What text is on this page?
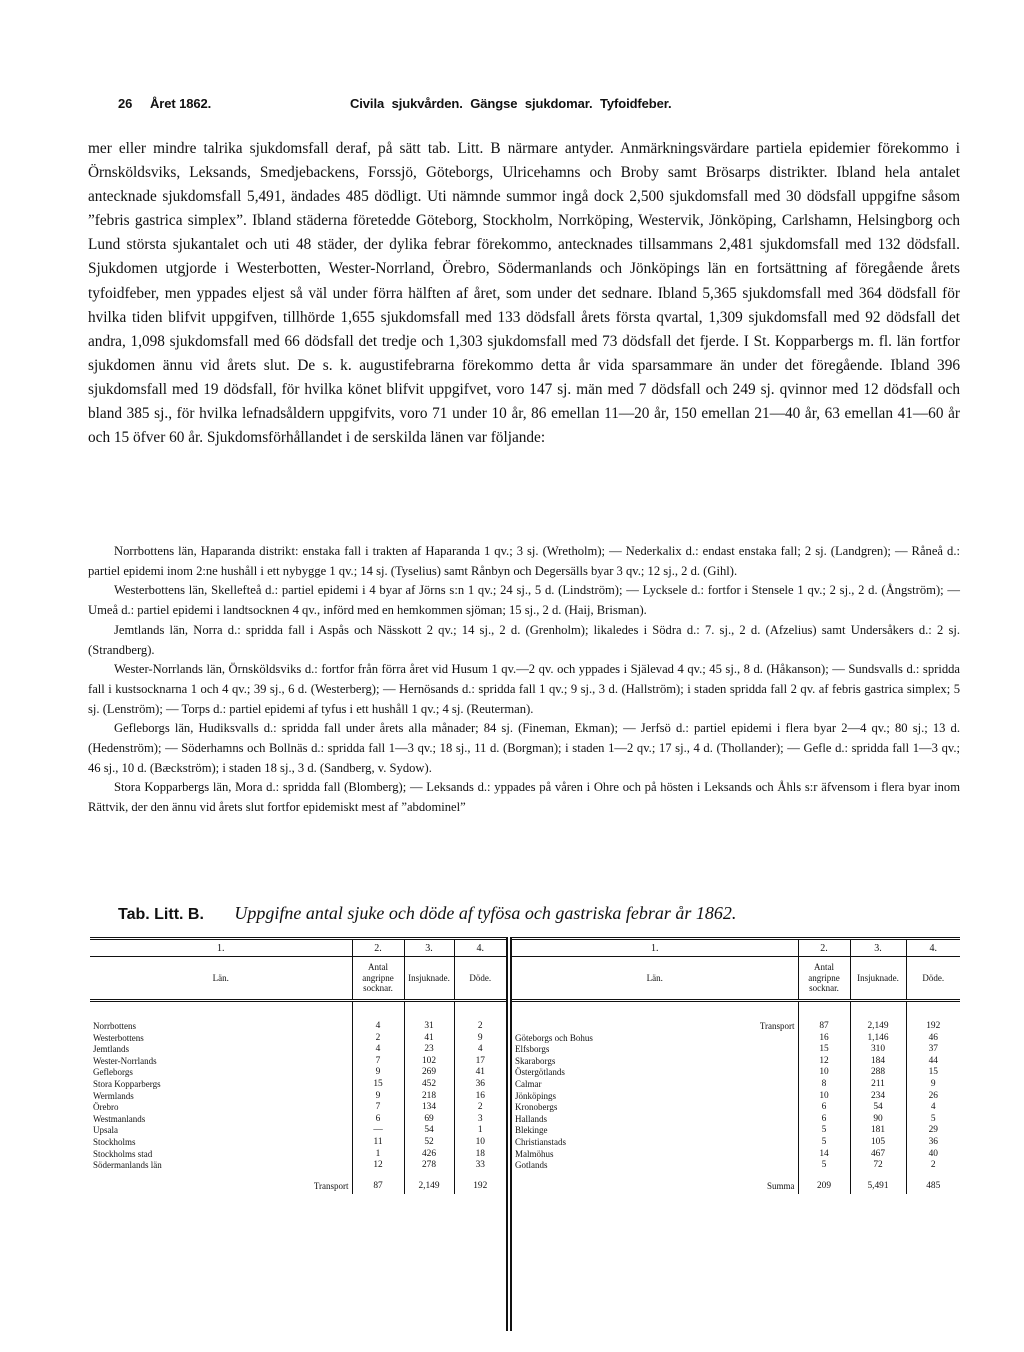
26 Året 1862.	Civila sjukvården. Gängse sjukdomar. Tyfoidfeber.

mer eller mindre talrika sjukdomsfall deraf, på sätt tab. Litt. B närmare antyder. Anmärkningsvärdare partiela epidemier förekommo i Örnsköldsviks, Leksands, Smedjebackens, Forssjö, Göteborgs, Ulricehamns och Broby samt Brösarps distrikter. Ibland hela antalet antecknade sjukdomsfall 5,491, ändades 485 dödligt. Uti nämnde summor ingå dock 2,500 sjukdomsfall med 30 dödsfall uppgifne såsom ”febris gastrica simplex”. Ibland städerna företedde Göteborg, Stockholm, Norrköping, Westervik, Jönköping, Carlshamn, Helsingborg och Lund största sjukantalet och uti 48 städer, der dylika febrar förekommo, antecknades tillsammans 2,481 sjukdomsfall med 132 dödsfall. Sjukdomen utgjorde i Westerbotten, Wester-Norrland, Örebro, Södermanlands och Jönköpings län en fortsättning af föregående årets tyfoidfeber, men yppades eljest så väl under förra hälften af året, som under det sednare. Ibland 5,365 sjukdomsfall med 364 dödsfall för hvilka tiden blifvit uppgifven, tillhörde 1,655 sjukdomsfall med 133 dödsfall årets första qvartal, 1,309 sjukdomsfall med 92 dödsfall det andra, 1,098 sjukdomsfall med 66 dödsfall det tredje och 1,303 sjukdomsfall med 73 dödsfall det fjerde. I St. Kopparbergs m. fl. län fortfor sjukdomen ännu vid årets slut. De s. k. augustifebrarna förekommo detta år vida sparsammare än under det föregående. Ibland 396 sjukdomsfall med 19 dödsfall, för hvilka könet blifvit uppgifvet, voro 147 sj. män med 7 dödsfall och 249 sj. qvinnor med 12 dödsfall och bland 385 sj., för hvilka lefnadsåldern uppgifvits, voro 71 under 10 år, 86 emellan 11—20 år, 150 emellan 21—40 år, 63 emellan 41—60 år och 15 öfver 60 år. Sjukdomsförhållandet i de serskilda länen var följande:

Norrbottens län, Haparanda distrikt: enstaka fall i trakten af Haparanda 1 qv.; 3 sj. (Wretholm); — Nederkalix d.: endast enstaka fall; 2 sj. (Landgren); — Råneå d.: partiel epidemi inom 2:ne hushåll i ett nybygge 1 qv.; 14 sj. (Tyselius) samt Rånbyn och Degersälls byar 3 qv.; 12 sj., 2 d. (Gihl).

Westerbottens län, Skellefteå d.: partiel epidemi i 4 byar af Jörns s:n 1 qv.; 24 sj., 5 d. (Lindström); — Lycksele d.: fortfor i Stensele 1 qv.; 2 sj., 2 d. (Ångström); — Umeå d.: partiel epidemi i landtsocknen 4 qv., införd med en hemkommen sjöman; 15 sj., 2 d. (Haij, Brisman).

Jemtlands län, Norra d.: spridda fall i Aspås och Nässkott 2 qv.; 14 sj., 2 d. (Grenholm); likaledes i Södra d.: 7. sj., 2 d. (Afzelius) samt Undersåkers d.: 2 sj. (Strandberg).

Wester-Norrlands län, Örnsköldsviks d.: fortfor från förra året vid Husum 1 qv.—2 qv. och yppades i Själevad 4 qv.; 45 sj., 8 d. (Håkanson); — Sundsvalls d.: spridda fall i kustsocknarna 1 och 4 qv.; 39 sj., 6 d. (Westerberg); — Hernösands d.: spridda fall 1 qv.; 9 sj., 3 d. (Hallström); i staden spridda fall 2 qv. af febris gastrica simplex; 5 sj. (Lenström); — Torps d.: partiel epidemi af tyfus i ett hushåll 1 qv.; 4 sj. (Reuterman).

Gefleborgs län, Hudiksvalls d.: spridda fall under årets alla månader; 84 sj. (Fineman, Ekman); — Jerfsö d.: partiel epidemi i flera byar 2—4 qv.; 80 sj.; 13 d. (Hedenström); — Söderhamns och Bollnäs d.: spridda fall 1—3 qv.; 18 sj., 11 d. (Borgman); i staden 1—2 qv.; 17 sj., 4 d. (Thollander); — Gefle d.: spridda fall 1—3 qv.; 46 sj., 10 d. (Bæckström); i staden 18 sj., 3 d. (Sandberg, v. Sydow).

Stora Kopparbergs län, Mora d.: spridda fall (Blomberg); — Leksands d.: yppades på våren i Ohre och på hösten i Leksands och Åhls s:r äfvensom i flera byar inom Rättvik, der den ännu vid årets slut fortfor epidemiskt mest af ”abdominel”

Tab. Litt. B. Uppgifne antal sjuke och döde af tyfösa och gastriska febrar år 1862.
1.	2.	3.	4.
Län.	Antal angripne socknar.	Insjuknade.	Döde.
Norrbottens	4	31	2
Westerbottens	2	41	9
Jemtlands	4	23	4
Wester-Norrlands	7	102	17
Gefleborgs	9	269	41
Stora Kopparbergs	15	452	36
Wermlands	9	218	16
Örebro	7	134	2
Westmanlands	6	69	3
Upsala	—	54	1
Stockholms	11	52	10
Stockholms stad	1	426	18
Södermanlands län	12	278	33
Transport	87	2,149	192
1.	2.	3.	4.
Län.	Antal angripne socknar.	Insjuknade.	Döde.
Transport	87	2,149	192
Göteborgs och Bohus	16	1,146	46
Elfsborgs	15	310	37
Skaraborgs	12	184	44
Östergötlands	10	288	15
Calmar	8	211	9
Jönköpings	10	234	26
Kronobergs	6	54	4
Hallands	6	90	5
Blekinge	5	181	29
Christianstads	5	105	36
Malmöhus	14	467	40
Gotlands	5	72	2
Summa	209	5,491	485
